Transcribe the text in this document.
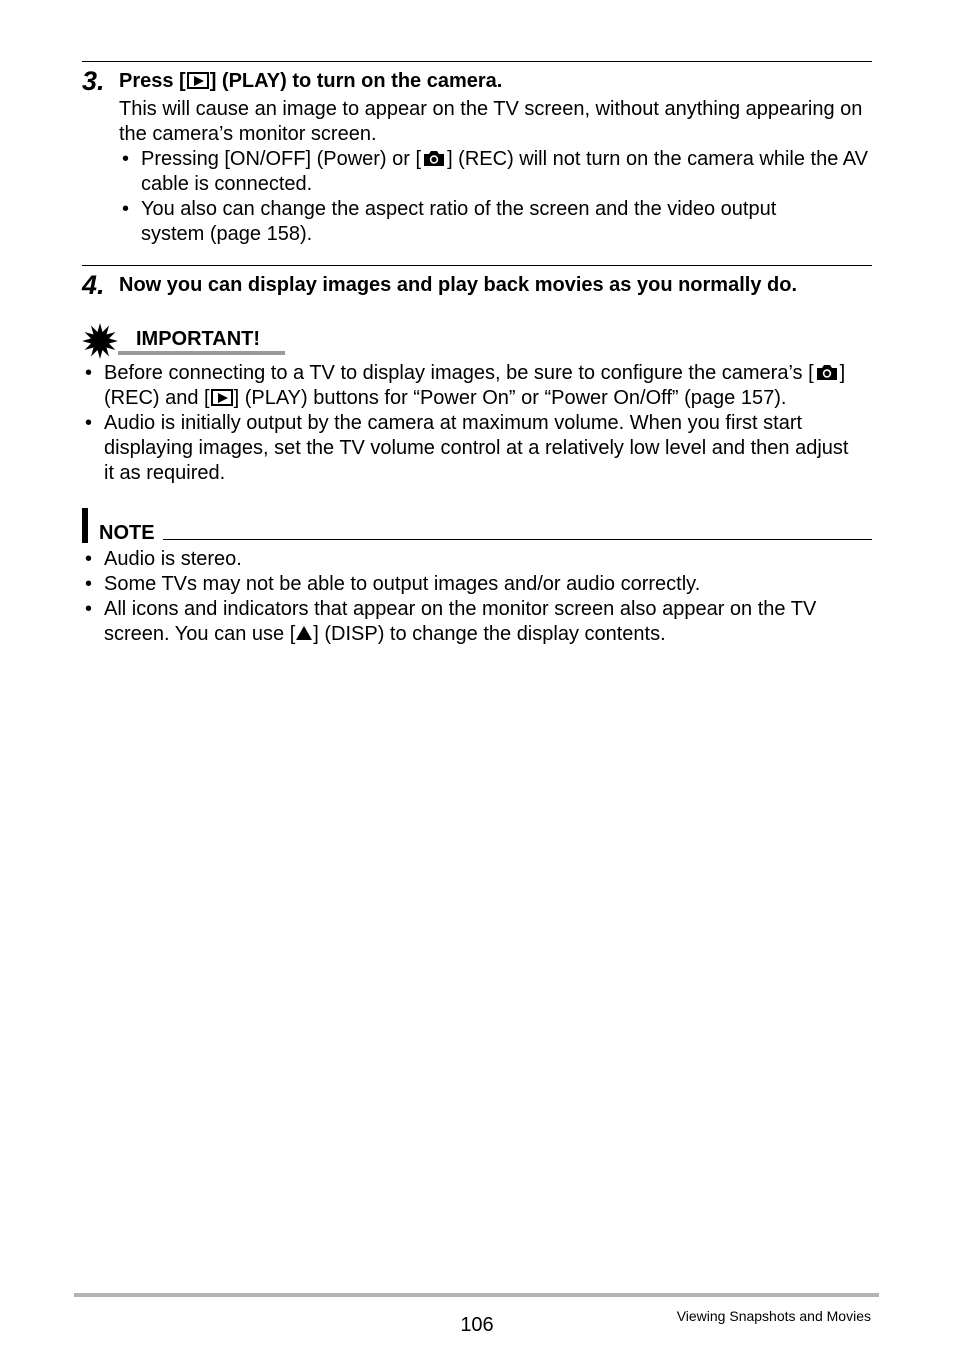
3. Press [ ] (PLAY) to turn on the camera.
This will cause an image to appear on the TV screen, without anything appearing on the camera’s monitor screen.
• Pressing [ON/OFF] (Power) or [ ] (REC) will not turn on the camera while the AV cable is connected.
• You also can change the aspect ratio of the screen and the video output system (page 158).
4. Now you can display images and play back movies as you normally do.
IMPORTANT!
• Before connecting to a TV to display images, be sure to configure the camera’s [ ] (REC) and [ ] (PLAY) buttons for “Power On” or “Power On/Off” (page 157).
• Audio is initially output by the camera at maximum volume. When you first start displaying images, set the TV volume control at a relatively low level and then adjust it as required.
NOTE
• Audio is stereo.
• Some TVs may not be able to output images and/or audio correctly.
• All icons and indicators that appear on the monitor screen also appear on the TV screen. You can use [ ] (DISP) to change the display contents.
106	Viewing Snapshots and Movies
